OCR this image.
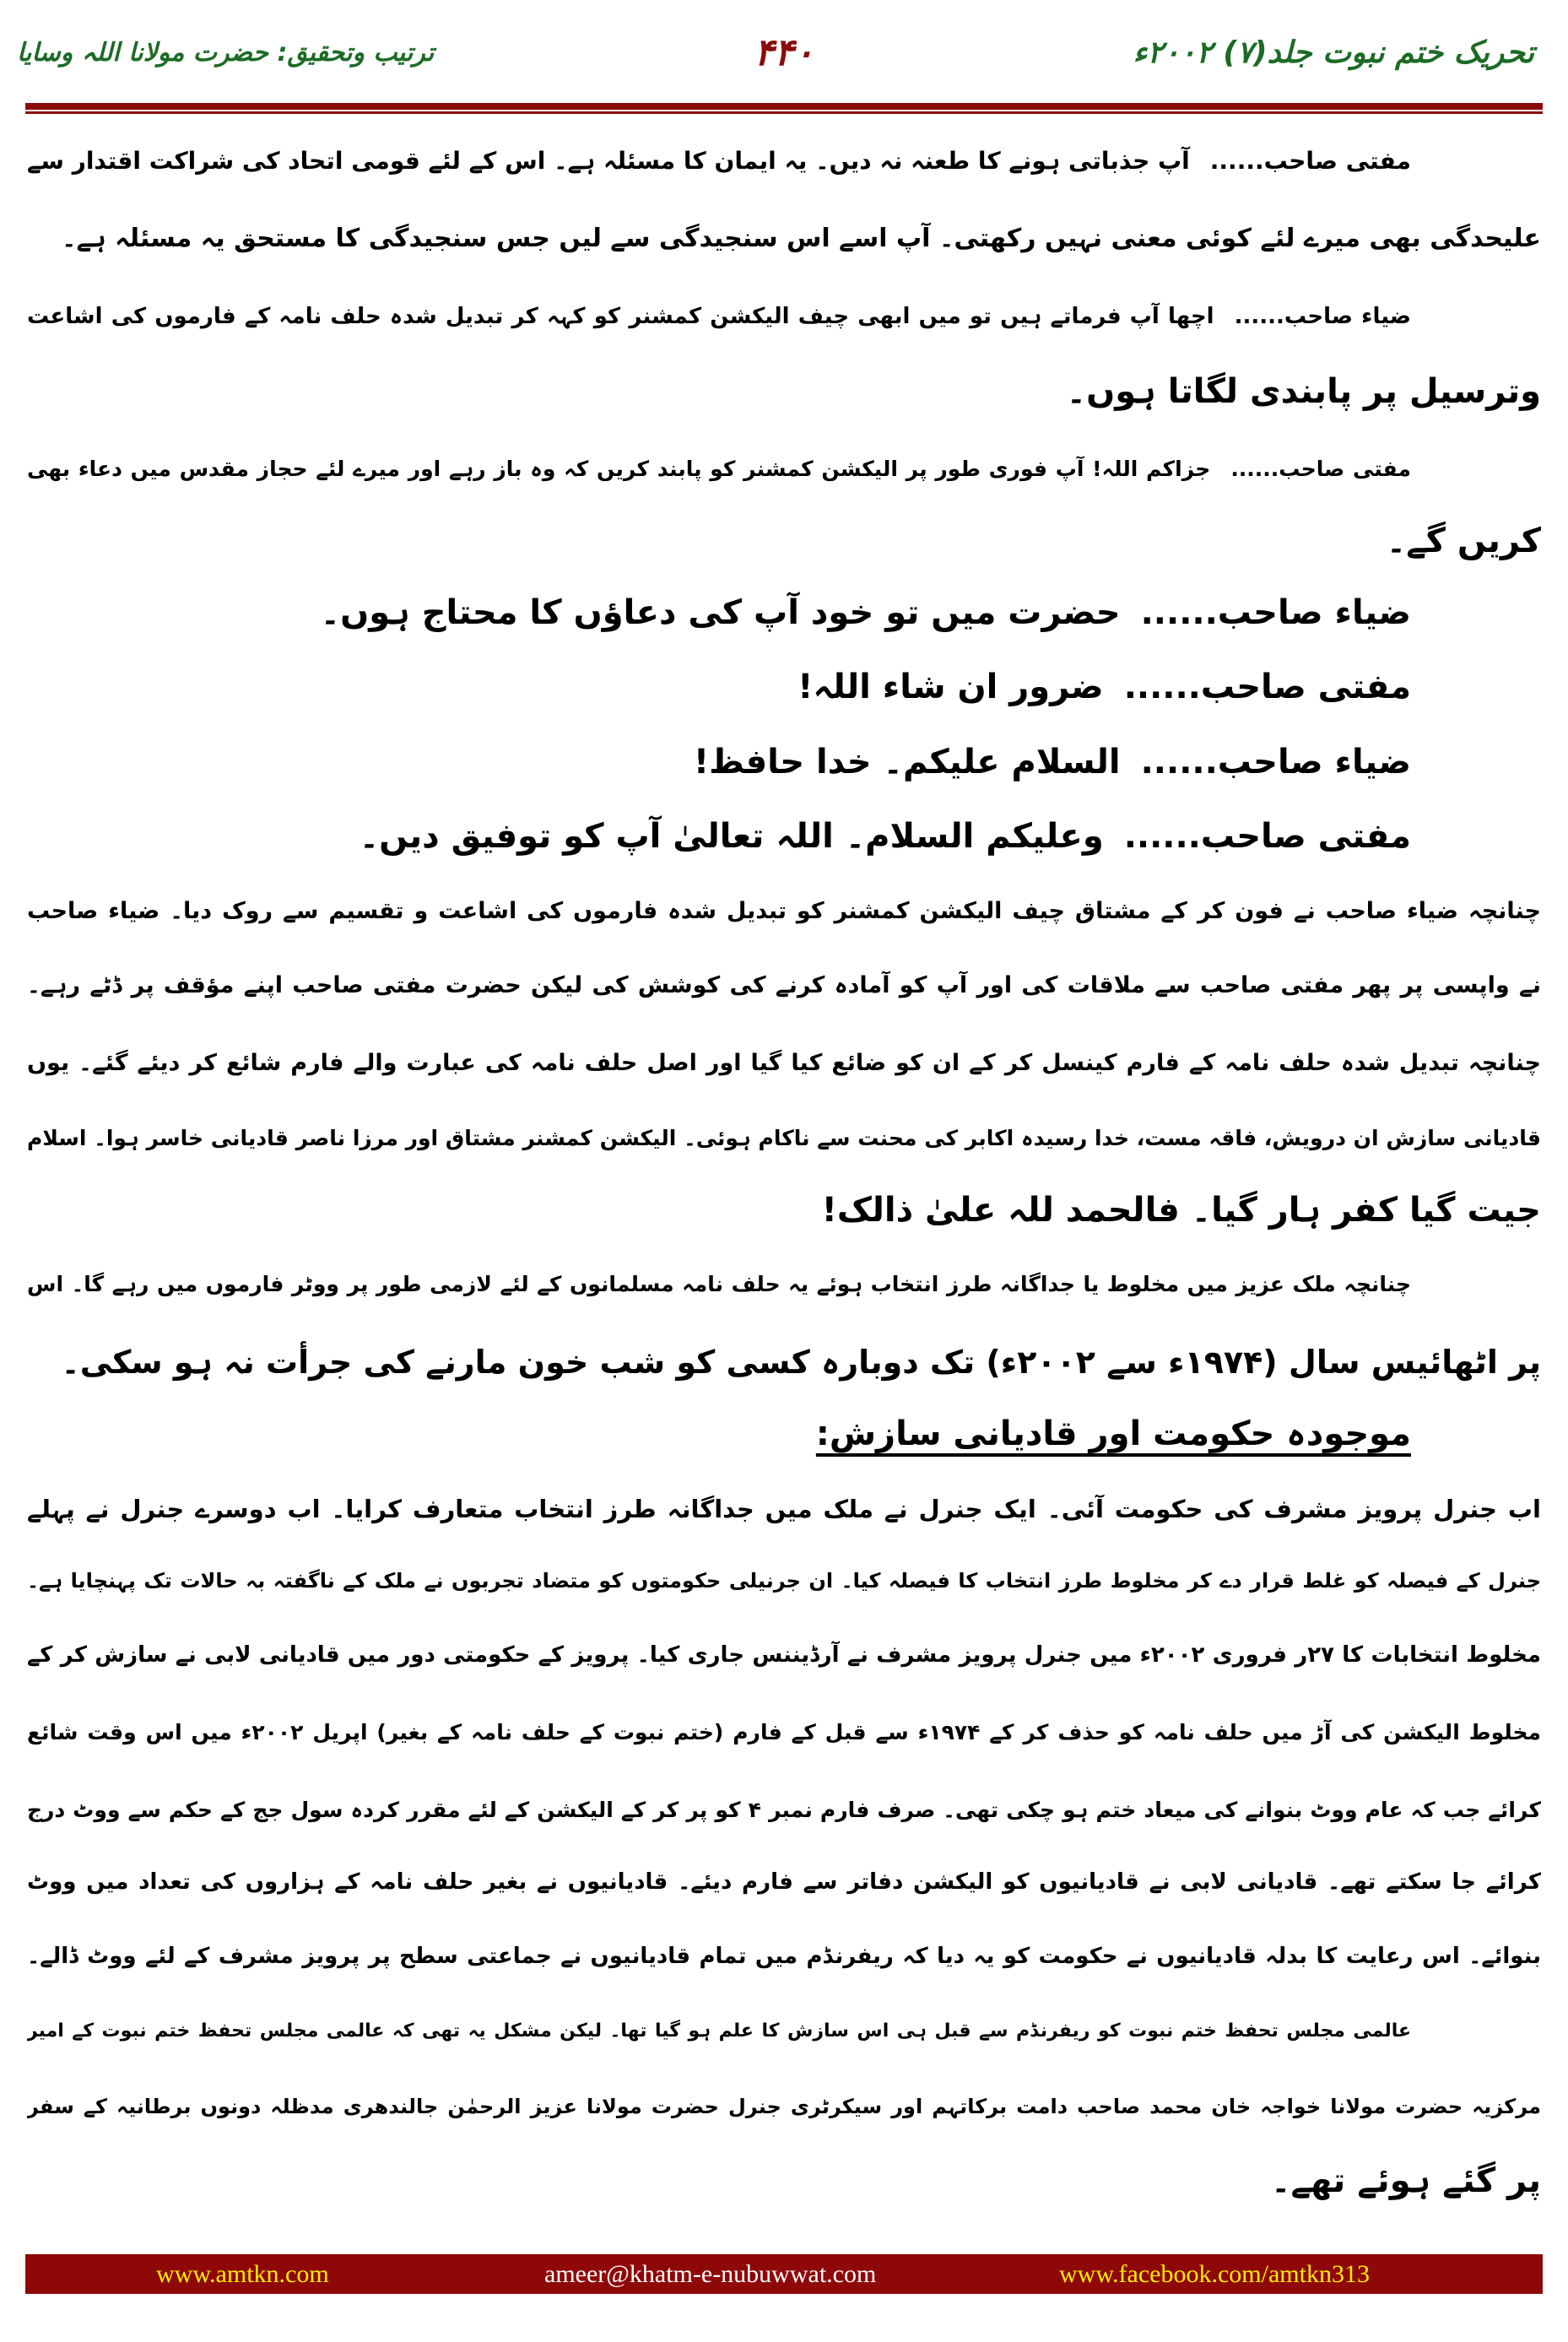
تحریک ختم نبوت جلد(۷) ۲۰۰۲ء
۴۴۰
ترتیب وتحقیق: حضرت مولانا اللہ وسایا
مفتی صاحب......آپ جذباتی ہونے کا طعنہ نہ دیں۔ یہ ایمان کا مسئلہ ہے۔ اس کے لئے قومی اتحاد کی شراکت اقتدار سے
علیحدگی بھی میرے لئے کوئی معنی نہیں رکھتی۔ آپ اسے اس سنجیدگی سے لیں جس سنجیدگی کا مستحق یہ مسئلہ ہے۔
ضیاء صاحب......اچھا آپ فرماتے ہیں تو میں ابھی چیف الیکشن کمشنر کو کہہ کر تبدیل شدہ حلف نامہ کے فارموں کی اشاعت
وترسیل پر پابندی لگاتا ہوں۔
مفتی صاحب......جزاکم اللہ! آپ فوری طور پر الیکشن کمشنر کو پابند کریں کہ وہ باز رہے اور میرے لئے حجاز مقدس میں دعاء بھی
کریں گے۔
ضیاء صاحب......حضرت میں تو خود آپ کی دعاؤں کا محتاج ہوں۔
مفتی صاحب......ضرور ان شاء اللہ!
ضیاء صاحب......السلام علیکم۔ خدا حافظ!
مفتی صاحب......وعلیکم السلام۔ اللہ تعالیٰ آپ کو توفیق دیں۔
چنانچہ ضیاء صاحب نے فون کر کے مشتاق چیف الیکشن کمشنر کو تبدیل شدہ فارموں کی اشاعت و تقسیم سے روک دیا۔ ضیاء صاحب
نے واپسی پر پھر مفتی صاحب سے ملاقات کی اور آپ کو آمادہ کرنے کی کوشش کی لیکن حضرت مفتی صاحب اپنے مؤقف پر ڈٹے رہے۔
چنانچہ تبدیل شدہ حلف نامہ کے فارم کینسل کر کے ان کو ضائع کیا گیا اور اصل حلف نامہ کی عبارت والے فارم شائع کر دیئے گئے۔ یوں
قادیانی سازش ان درویش، فاقہ مست، خدا رسیدہ اکابر کی محنت سے ناکام ہوئی۔ الیکشن کمشنر مشتاق اور مرزا ناصر قادیانی خاسر ہوا۔ اسلام
جیت گیا کفر ہار گیا۔ فالحمد للہ علیٰ ذالک!
چنانچہ ملک عزیز میں مخلوط یا جداگانہ طرز انتخاب ہوئے یہ حلف نامہ مسلمانوں کے لئے لازمی طور پر ووٹر فارموں میں رہے گا۔ اس
پر اٹھائیس سال (۱۹۷۴ء سے ۲۰۰۲ء) تک دوبارہ کسی کو شب خون مارنے کی جرأت نہ ہو سکی۔
موجودہ حکومت اور قادیانی سازش:
اب جنرل پرویز مشرف کی حکومت آئی۔ ایک جنرل نے ملک میں جداگانہ طرز انتخاب متعارف کرایا۔ اب دوسرے جنرل نے پہلے
جنرل کے فیصلہ کو غلط قرار دے کر مخلوط طرز انتخاب کا فیصلہ کیا۔ ان جرنیلی حکومتوں کو متضاد تجربوں نے ملک کے ناگفتہ بہ حالات تک پہنچایا ہے۔
مخلوط انتخابات کا ۲۷ر فروری ۲۰۰۲ء میں جنرل پرویز مشرف نے آرڈیننس جاری کیا۔ پرویز کے حکومتی دور میں قادیانی لابی نے سازش کر کے
مخلوط الیکشن کی آڑ میں حلف نامہ کو حذف کر کے ۱۹۷۴ء سے قبل کے فارم (ختم نبوت کے حلف نامہ کے بغیر) اپریل ۲۰۰۲ء میں اس وقت شائع
کرائے جب کہ عام ووٹ بنوانے کی میعاد ختم ہو چکی تھی۔ صرف فارم نمبر ۴ کو پر کر کے الیکشن کے لئے مقرر کردہ سول جج کے حکم سے ووٹ درج
کرائے جا سکتے تھے۔ قادیانی لابی نے قادیانیوں کو الیکشن دفاتر سے فارم دیئے۔ قادیانیوں نے بغیر حلف نامہ کے ہزاروں کی تعداد میں ووٹ
بنوائے۔ اس رعایت کا بدلہ قادیانیوں نے حکومت کو یہ دیا کہ ریفرنڈم میں تمام قادیانیوں نے جماعتی سطح پر پرویز مشرف کے لئے ووٹ ڈالے۔
عالمی مجلس تحفظ ختم نبوت کو ریفرنڈم سے قبل ہی اس سازش کا علم ہو گیا تھا۔ لیکن مشکل یہ تھی کہ عالمی مجلس تحفظ ختم نبوت کے امیر
مرکزیہ حضرت مولانا خواجہ خان محمد صاحب دامت برکاتہم اور سیکرٹری جنرل حضرت مولانا عزیز الرحمٰن جالندھری مدظلہ دونوں برطانیہ کے سفر
پر گئے ہوئے تھے۔
www.amtkn.com	ameer@khatm-e-nubuwwat.com	www.facebook.com/amtkn313
